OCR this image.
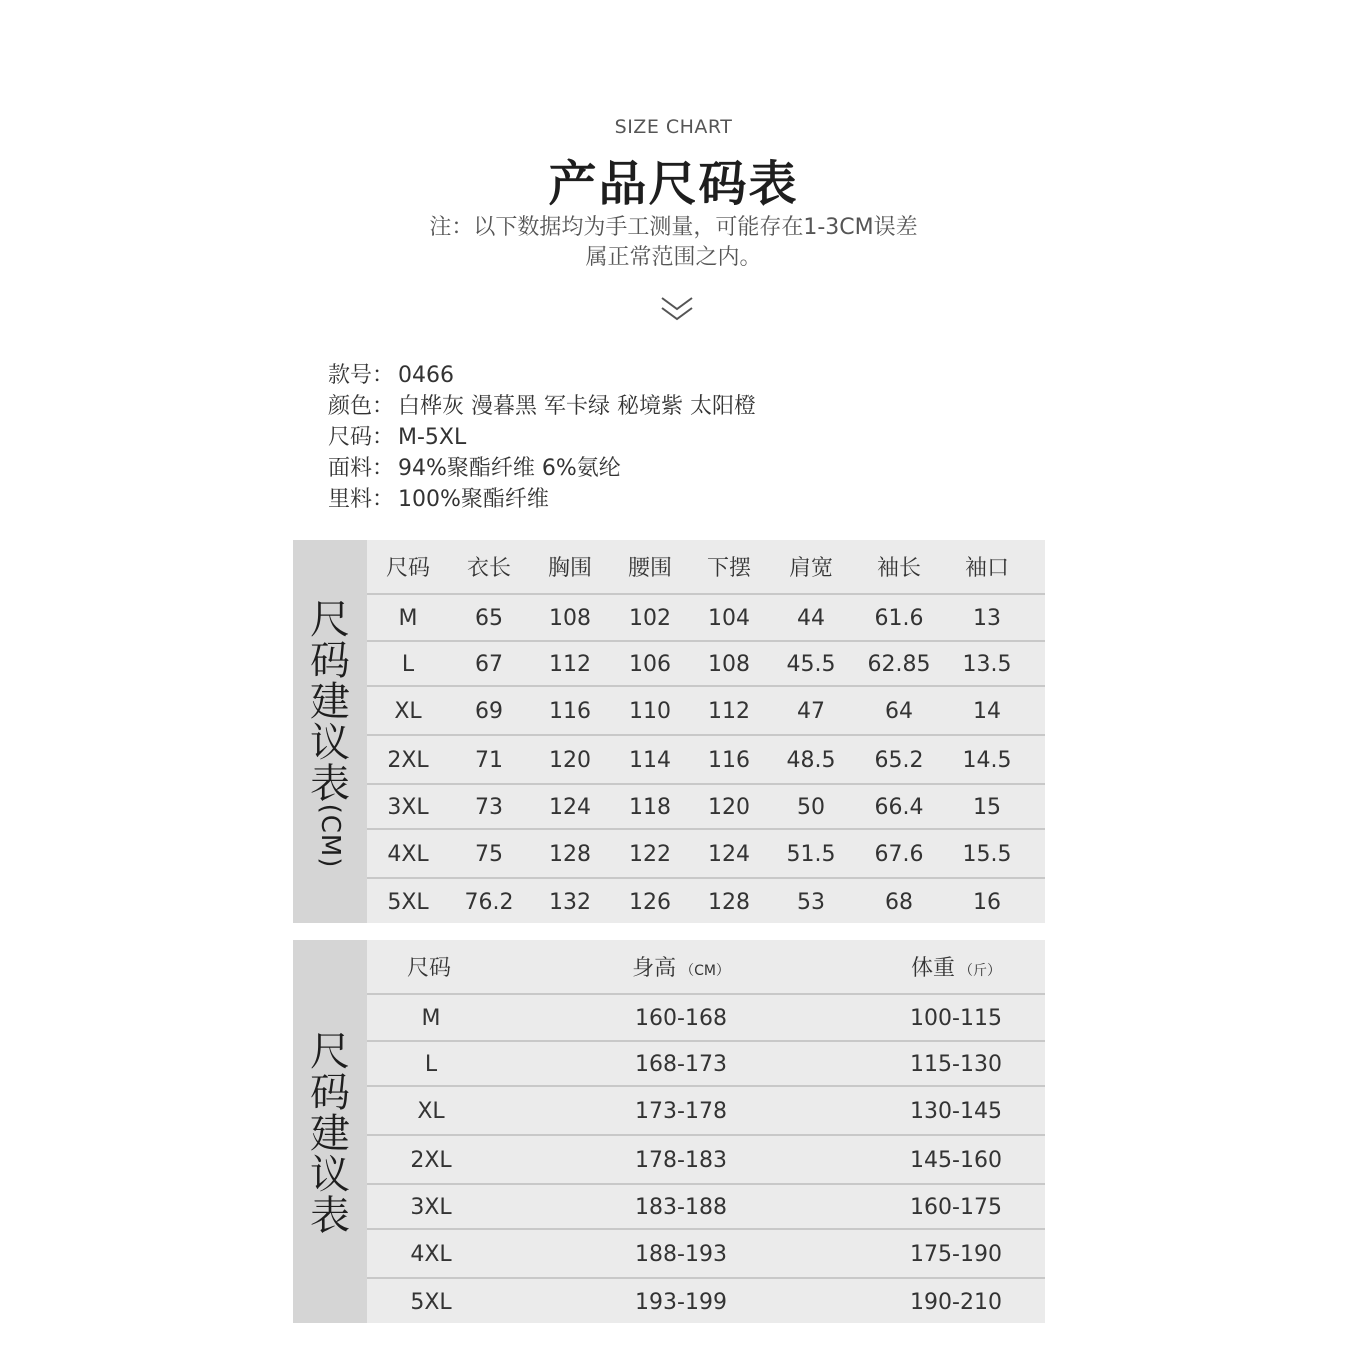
SIZE CHART
产品尺码表
注：以下数据均为手工测量，可能存在1-3CM误差
属正常范围之内。
款号： 0466
颜色： 白桦灰 漫暮黑 军卡绿 秘境紫 太阳橙
尺码： M-5XL
面料： 94%聚酯纤维 6%氨纶
里料： 100%聚酯纤维
尺
码
建
议
表
(CM)
尺码	衣长	胸围	腰围	下摆	肩宽	袖长	袖口
M	65	108	102	104	44	61.6	13
L	67	112	106	108	45.5	62.85	13.5
XL	69	116	110	112	47	64	14
2XL	71	120	114	116	48.5	65.2	14.5
3XL	73	124	118	120	50	66.4	15
4XL	75	128	122	124	51.5	67.6	15.5
5XL	76.2	132	126	128	53	68	16
尺
码
建
议
表
尺码	身高 （CM）	体重 （斤）
M	160-168	100-115
L	168-173	115-130
XL	173-178	130-145
2XL	178-183	145-160
3XL	183-188	160-175
4XL	188-193	175-190
5XL	193-199	190-210
